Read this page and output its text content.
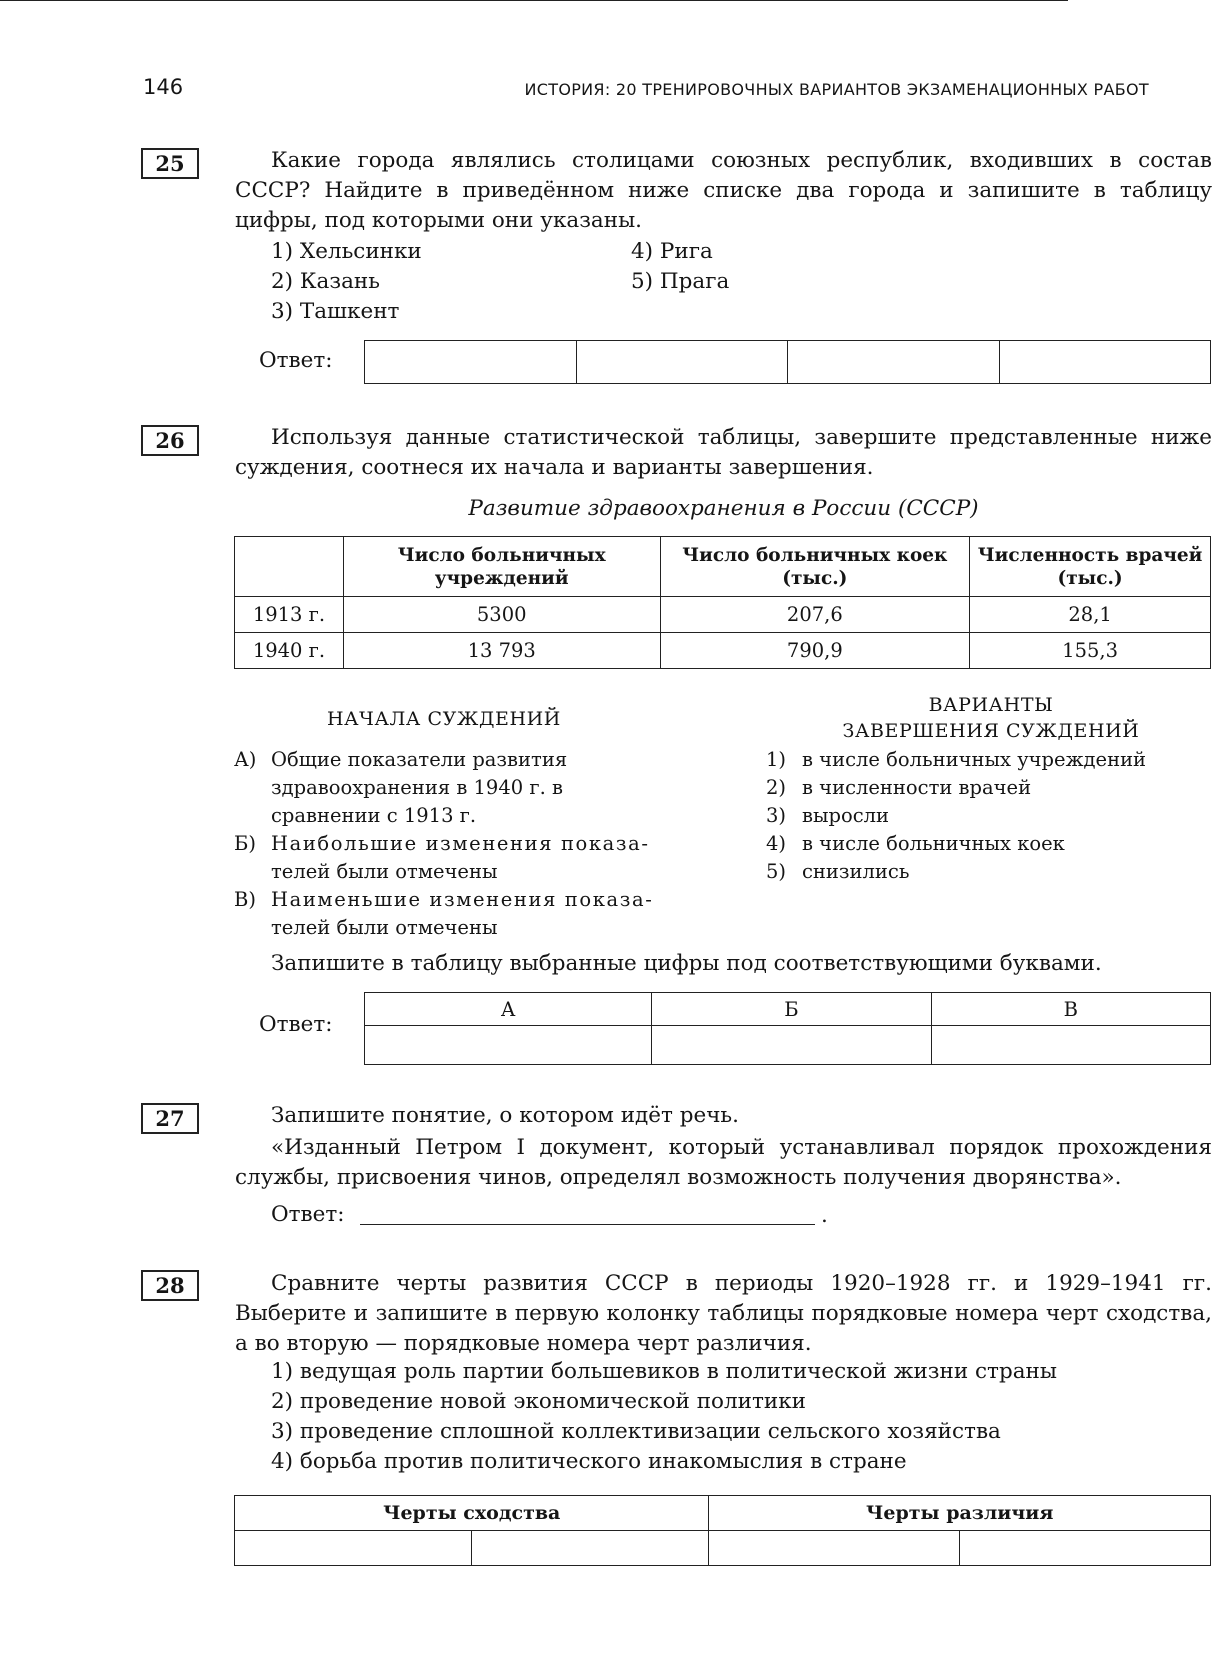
146	ИСТОРИЯ: 20 ТРЕНИРОВОЧНЫХ ВАРИАНТОВ ЭКЗАМЕНАЦИОННЫХ РАБОТ
25	Какие города являлись столицами союзных республик, входивших в состав СССР? Найдите в приведённом ниже списке два города и запишите в таблицу цифры, под которыми они указаны.
1) Хельсинки
2) Казань
3) Ташкент
4) Рига
5) Прага
Ответ:

26	Используя данные статистической таблицы, завершите представленные ниже суждения, соотнеся их начала и варианты завершения.
Развитие здравоохранения в России (СССР)
	Число больничных учреждений	Число больничных коек (тыс.)	Численность врачей (тыс.)
1913 г.	5300	207,6	28,1
1940 г.	13 793	790,9	155,3
НАЧАЛА СУЖДЕНИЙ
ВАРИАНТЫ
ЗАВЕРШЕНИЯ СУЖДЕНИЙ
А) Общие показатели развития
здравоохранения в 1940 г. в
сравнении с 1913 г.
Б) Наибольшие изменения показа-
телей были отмечены
В) Наименьшие изменения показа-
телей были отмечены
1) в числе больничных учреждений
2) в численности врачей
3) выросли
4) в числе больничных коек
5) снизились
Запишите в таблицу выбранные цифры под соответствующими буквами.
Ответ:
А	Б	В

27	Запишите понятие, о котором идёт речь.
«Изданный Петром I документ, который устанавливал порядок прохождения службы, присвоения чинов, определял возможность получения дворянства».
Ответ:	.
28	Сравните черты развития СССР в периоды 1920–1928 гг. и 1929–1941 гг. Выберите и запишите в первую колонку таблицы порядковые номера черт сходства, а во вторую — порядковые номера черт различия.
1) ведущая роль партии большевиков в политической жизни страны
2) проведение новой экономической политики
3) проведение сплошной коллективизации сельского хозяйства
4) борьба против политического инакомыслия в стране
Черты сходства		Черты различия	
